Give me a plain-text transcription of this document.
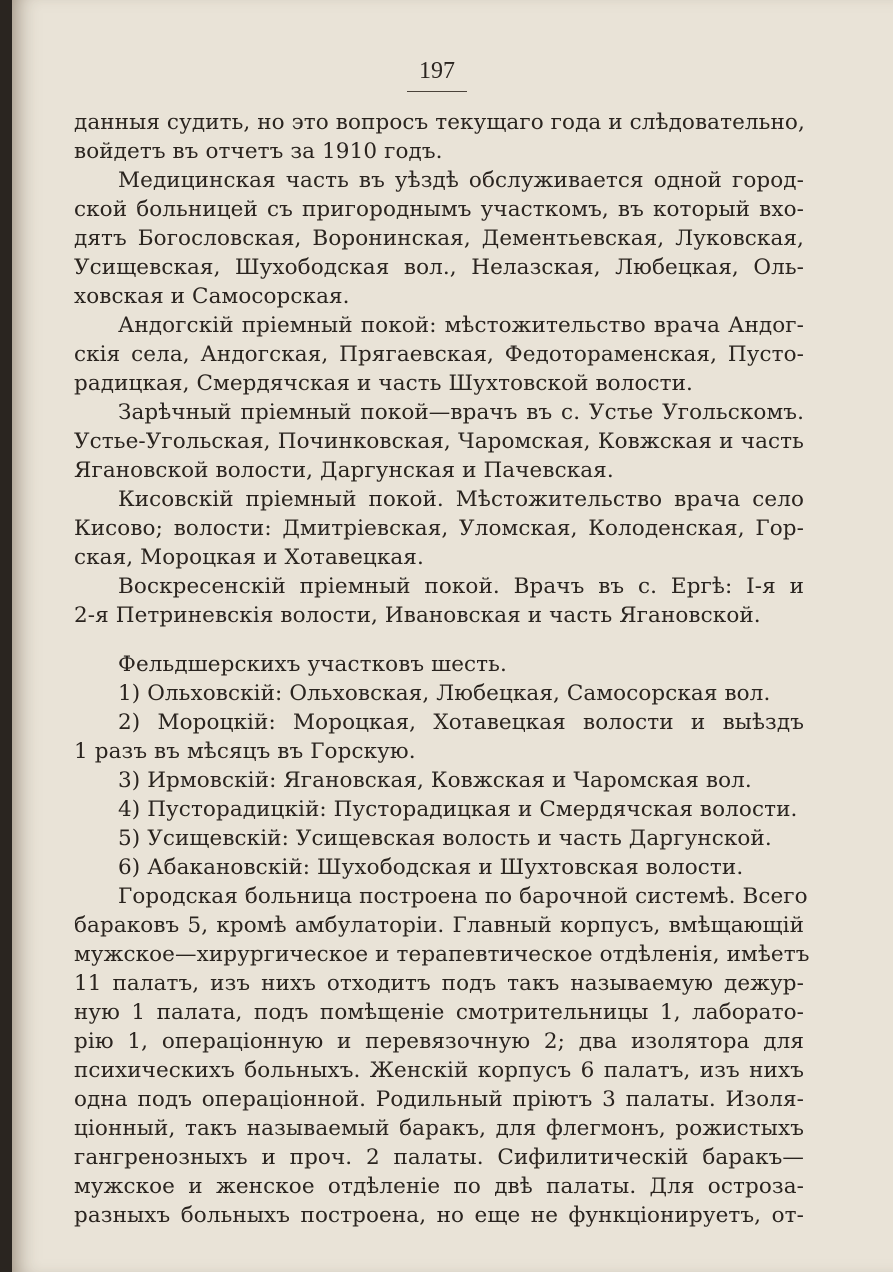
197
данныя судить, но это вопросъ текущаго года и слѣдовательно,
войдетъ въ отчетъ за 1910 годъ.
Медицинская часть въ уѣздѣ обслуживается одной город-
ской больницей съ пригороднымъ участкомъ, въ который вхо-
дятъ Богословская, Воронинская, Дементьевская, Луковская,
Усищевская, Шухободская вол., Нелазская, Любецкая, Оль-
ховская и Самосорская.
Андогскій пріемный покой: мѣстожительство врача Андог-
скія села, Андогская, Прягаевская, Федотораменская, Пусто-
радицкая, Смердячская и часть Шухтовской волости.
Зарѣчный пріемный покой—врачъ въ с. Устье Угольскомъ.
Устье-Угольская, Починковская, Чаромская, Ковжская и часть
Ягановской волости, Даргунская и Пачевская.
Кисовскій пріемный покой. Мѣстожительство врача село
Кисово; волости: Дмитріевская, Уломская, Колоденская, Гор-
ская, Мороцкая и Хотавецкая.
Воскресенскій пріемный покой. Врачъ въ с. Ергѣ: I-я и
2-я Петриневскія волости, Ивановская и часть Ягановской.
Фельдшерскихъ участковъ шесть.
1) Ольховскій: Ольховская, Любецкая, Самосорская вол.
2) Мороцкій: Мороцкая, Хотавецкая волости и выѣздъ
1 разъ въ мѣсяцъ въ Горскую.
3) Ирмовскій: Ягановская, Ковжская и Чаромская вол.
4) Пусторадицкій: Пусторадицкая и Смердячская волости.
5) Усищевскій: Усищевская волость и часть Даргунской.
6) Абакановскій: Шухободская и Шухтовская волости.
Городская больница построена по барочной системѣ. Всего
бараковъ 5, кромѣ амбулаторіи. Главный корпусъ, вмѣщающій
мужское—хирургическое и терапевтическое отдѣленія, имѣетъ
11 палатъ, изъ нихъ отходитъ подъ такъ называемую дежур-
ную 1 палата, подъ помѣщеніе смотрительницы 1, лаборато-
рію 1, операціонную и перевязочную 2; два изолятора для
психическихъ больныхъ. Женскій корпусъ 6 палатъ, изъ нихъ
одна подъ операціонной. Родильный пріютъ 3 палаты. Изоля-
ціонный, такъ называемый баракъ, для флегмонъ, рожистыхъ
гангренозныхъ и проч. 2 палаты. Сифилитическій баракъ—
мужское и женское отдѣленіе по двѣ палаты. Для остроза-
разныхъ больныхъ построена, но еще не функціонируетъ, от-
